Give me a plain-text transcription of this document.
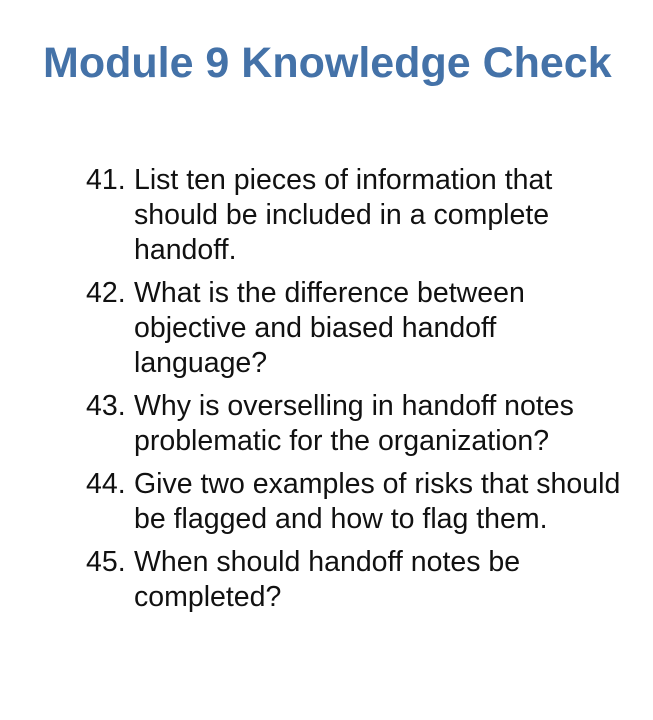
Module 9 Knowledge Check
41. List ten pieces of information that should be included in a complete handoff.
42. What is the difference between objective and biased handoff language?
43. Why is overselling in handoff notes problematic for the organization?
44. Give two examples of risks that should be flagged and how to flag them.
45. When should handoff notes be completed?
